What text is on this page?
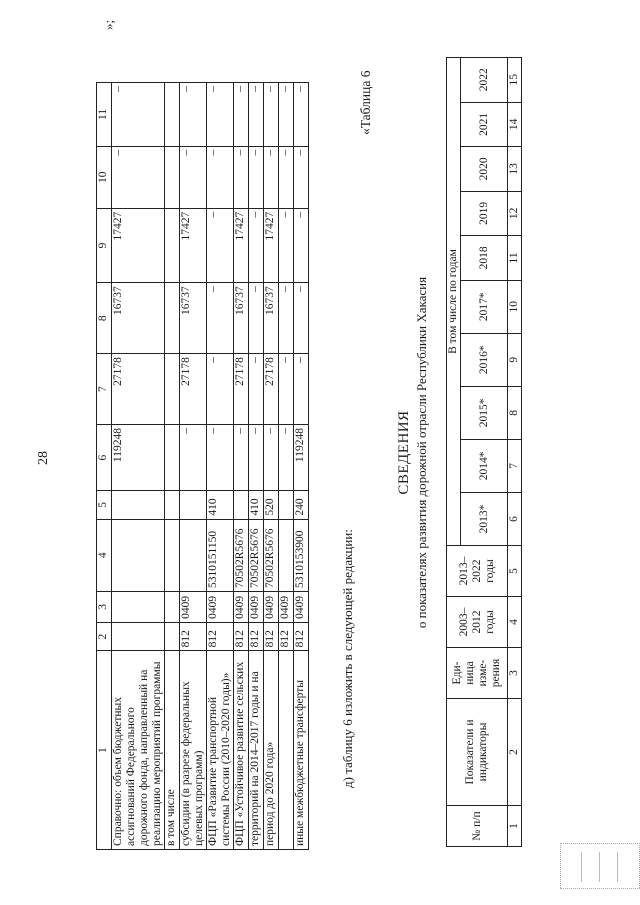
28
1	2	3	4	5	6	7	8	9	10	11
Справочно: объем бюджетных ассигнований Федерального дорожного фонда, направленный на реализацию мероприятий программы					119248	27178	16737	17427	–	–
в том числе										
субсидии (в разрезе федеральных целевых программ)	812	0409			–	27178	16737	17427	–	–
ФЦП «Развитие транспортной системы России (2010–2020 годы)»	812	0409	5310151150	410	–	–	–	–	–	–
ФЦП «Устойчивое развитие сельских	812	0409	70502R5676		–	27178	16737	17427	–	–
территорий на 2014–2017 годы и на	812	0409	70502R5676	410	–	–	–	–	–	–
период до 2020 года»	812	0409	70502R5676	520	–	27178	16737	17427	–	–
	812	0409			–	–	–	–	–	–
иные межбюджетные трансферты	812	0409	5310153900	240	119248	–	–	–	–	–
»;
д) таблицу 6 изложить в следующей редакции:
«Таблица 6
СВЕДЕНИЯ о показателях развития дорожной отрасли Республики Хакасия
№ п/п	Показатели и индикаторы	Еди- ница изме- рения	2003– 2012 годы	2013– 2022 годы	В том числе по годам									
					2013*	2014*	2015*	2016*	2017*	2018	2019	2020	2021	2022
1	2	3	4	5	6	7	8	9	10	11	12	13	14	15
